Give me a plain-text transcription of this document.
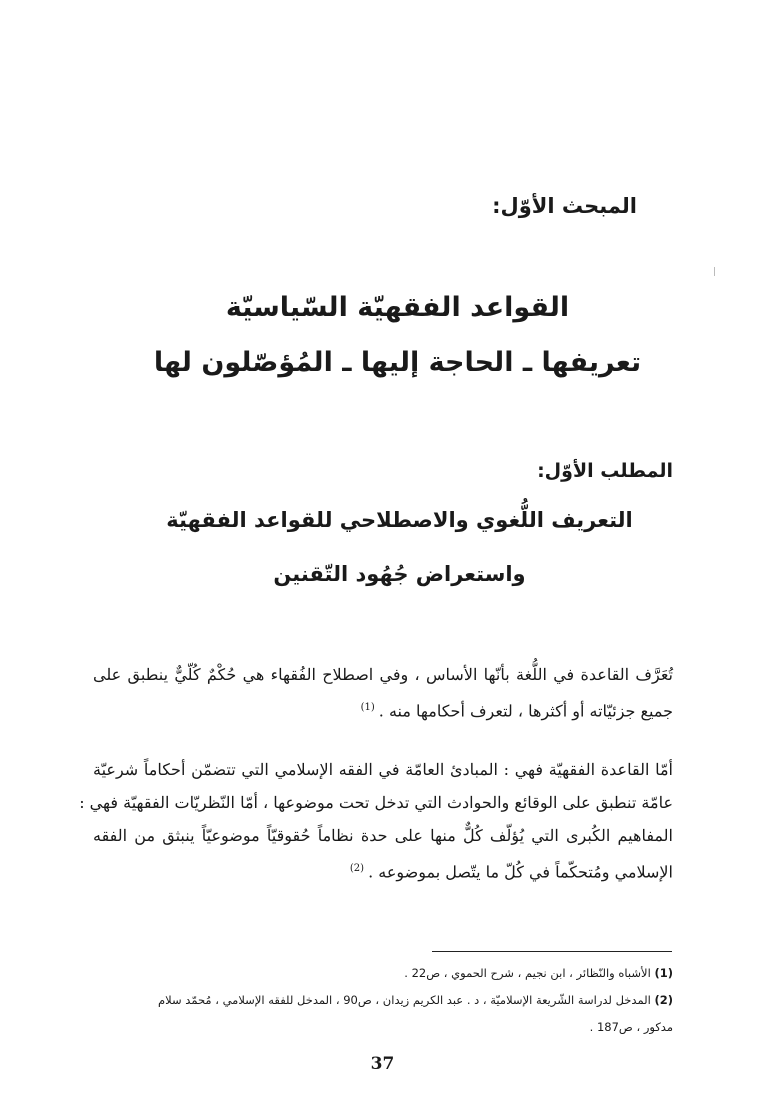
المبحث الأوّل:
القواعد الفقهيّة السّياسيّة
تعريفها ـ الحاجة إليها ـ المُؤصّلون لها
المطلب الأوّل:
التعريف اللُّغوي والاصطلاحي للقواعد الفقهيّة
واستعراض جُهُود التّقنين
تُعَرَّف القاعدة في اللُّغة بأنّها الأساس ، وفي اصطلاح الفُقهاء هي حُكْمٌ كُلّيٌّ ينطبق على
جميع جزئيّاته أو أكثرها ، لتعرف أحكامها منه .$^{(1)}$
أمّا القاعدة الفقهيّة فهي : المبادئ العامّة في الفقه الإسلامي التي تتضمّن أحكاماً شرعيّة
عامّة تنطبق على الوقائع والحوادث التي تدخل تحت موضوعها ، أمّا النّظريّات الفقهيّة فهي :
المفاهيم الكُبرى التي يُؤلّف كُلٌّ منها على حدة نظاماً حُقوقيّاً موضوعيّاً ينبثق من الفقه
الإسلامي ومُتحكّماً في كُلّ ما يتّصل بموضوعه .$^{(2)}$
(1) الأشباه والنّظائر ، ابن نجيم ، شرح الحموي ، ص22 .
(2) المدخل لدراسة الشّريعة الإسلاميّة ، د . عبد الكريم زيدان ، ص90 ، المدخل للفقه الإسلامي ، مُحمّد سلام
مدكور ، ص187 .
37
